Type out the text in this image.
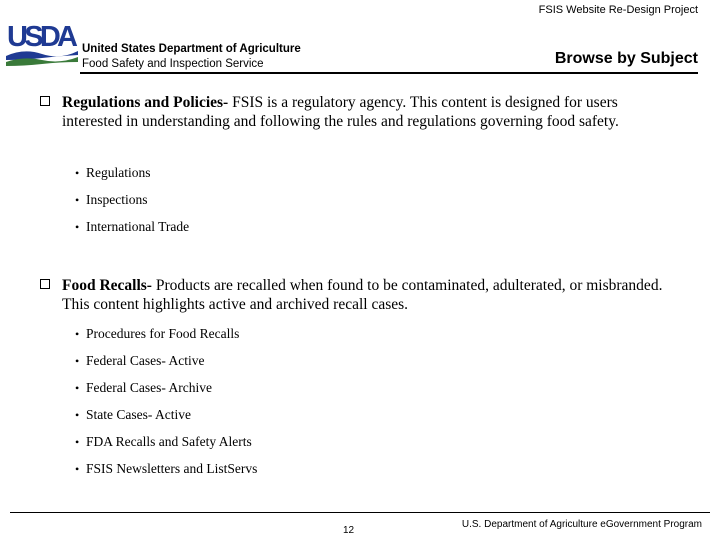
FSIS Website Re-Design Project
USDA United States Department of Agriculture
Food Safety and Inspection Service	Browse by Subject
Regulations and Policies- FSIS is a regulatory agency. This content is designed for users interested in understanding and following the rules and regulations governing food safety.
• Regulations
• Inspections
• International Trade
Food Recalls- Products are recalled when found to be contaminated, adulterated, or misbranded. This content highlights active and archived recall cases.
• Procedures for Food Recalls
• Federal Cases- Active
• Federal Cases- Archive
• State Cases- Active
• FDA Recalls and Safety Alerts
• FSIS Newsletters and ListServs
12
U.S. Department of Agriculture eGovernment Program
